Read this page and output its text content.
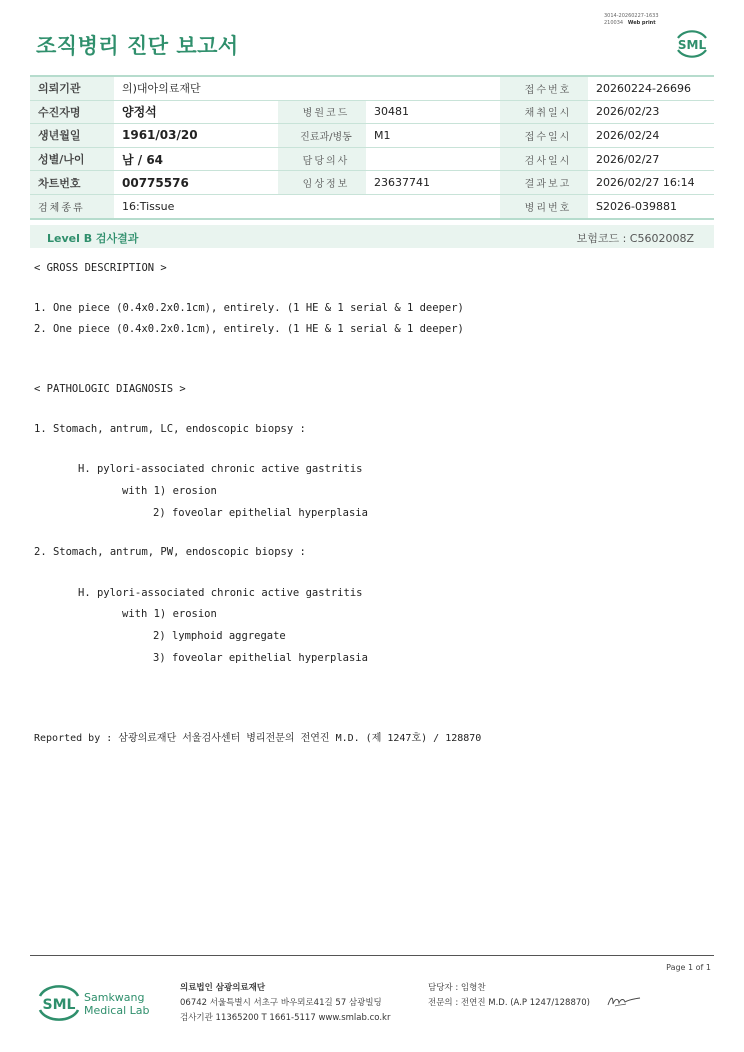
3014-20260227-1633
210034 Web print
조직병리 진단 보고서	SML
의뢰기관	의)대아의료재단			접수번호	20260224-26696
수진자명	양정석	병원코드	30481	채취일시	2026/02/23
생년월일	1961/03/20	진료과/병동	M1	접수일시	2026/02/24
성별/나이	남 / 64	담당의사		검사일시	2026/02/27
차트번호	00775576	임상정보	23637741	결과보고	2026/02/27 16:14
검체종류	16:Tissue			병리번호	S2026-039881
Level B 검사결과	보험코드 : C5602008Z
< GROSS DESCRIPTION >
1. One piece (0.4x0.2x0.1cm), entirely. (1 HE & 1 serial & 1 deeper)
2. One piece (0.4x0.2x0.1cm), entirely. (1 HE & 1 serial & 1 deeper)
< PATHOLOGIC DIAGNOSIS >
1. Stomach, antrum, LC, endoscopic biopsy :
H. pylori-associated chronic active gastritis
with 1) erosion
2) foveolar epithelial hyperplasia
2. Stomach, antrum, PW, endoscopic biopsy :
H. pylori-associated chronic active gastritis
with 1) erosion
2) lymphoid aggregate
3) foveolar epithelial hyperplasia
Reported by : 삼광의료재단 서울검사센터 병리전문의 전연진 M.D. (제 1247호) / 128870
Page 1 of 1
SML Samkwang
Medical Lab
의료법인 삼광의료재단
06742 서울특별시 서초구 바우뫼로41길 57 삼광빌딩
검사기관 11365200 T 1661-5117 www.smlab.co.kr
담당자 : 임형찬
전문의 : 전연진 M.D. (A.P 1247/128870)
